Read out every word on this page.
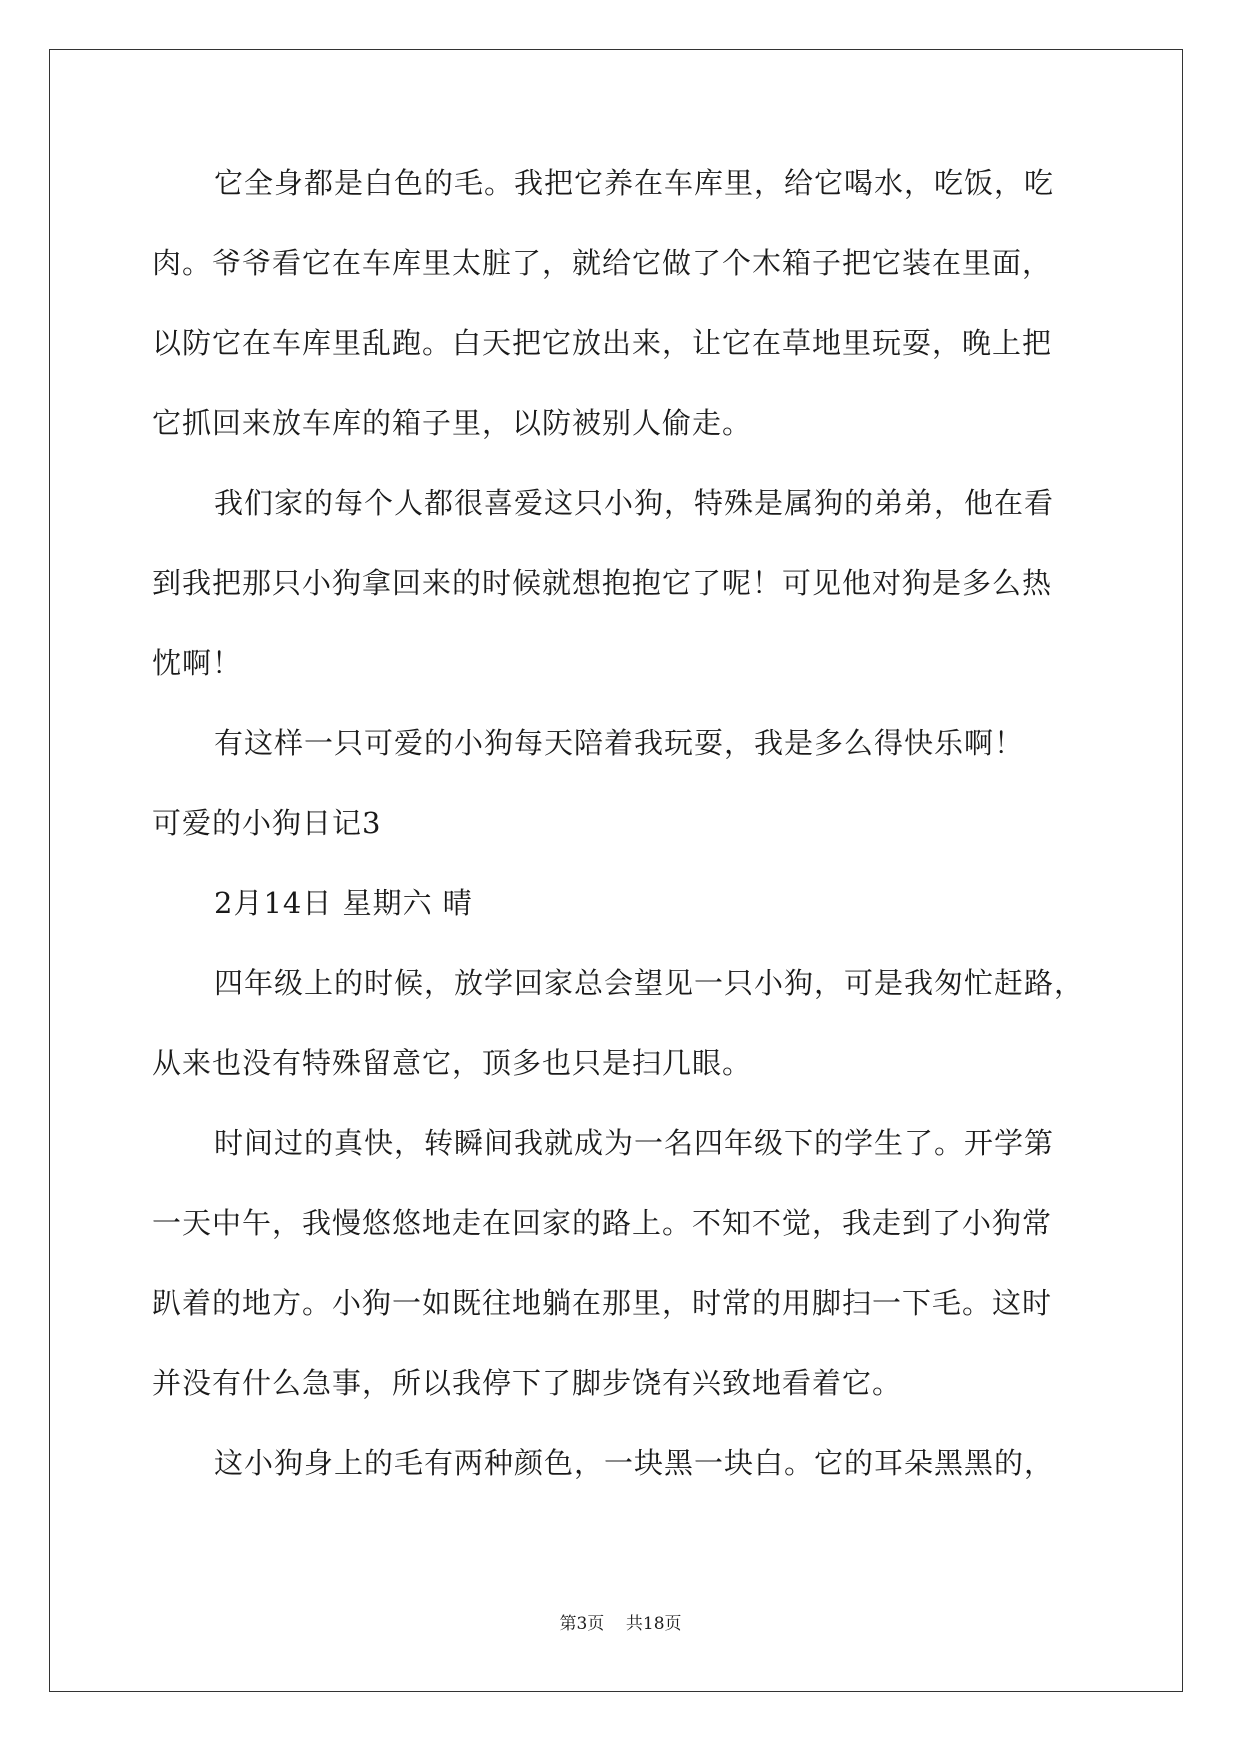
它全身都是白色的毛。我把它养在车库里，给它喝水，吃饭，吃
肉。爷爷看它在车库里太脏了，就给它做了个木箱子把它装在里面，
以防它在车库里乱跑。白天把它放出来，让它在草地里玩耍，晚上把
它抓回来放车库的箱子里，以防被别人偷走。
我们家的每个人都很喜爱这只小狗，特殊是属狗的弟弟，他在看
到我把那只小狗拿回来的时候就想抱抱它了呢！可见他对狗是多么热
忱啊！
有这样一只可爱的小狗每天陪着我玩耍，我是多么得快乐啊！
可爱的小狗日记3
2月14日 星期六 晴
四年级上的时候，放学回家总会望见一只小狗，可是我匆忙赶路，
从来也没有特殊留意它，顶多也只是扫几眼。
时间过的真快，转瞬间我就成为一名四年级下的学生了。开学第
一天中午，我慢悠悠地走在回家的路上。不知不觉，我走到了小狗常
趴着的地方。小狗一如既往地躺在那里，时常的用脚扫一下毛。这时
并没有什么急事，所以我停下了脚步饶有兴致地看着它。
这小狗身上的毛有两种颜色，一块黑一块白。它的耳朵黑黑的，
第3页 共18页
